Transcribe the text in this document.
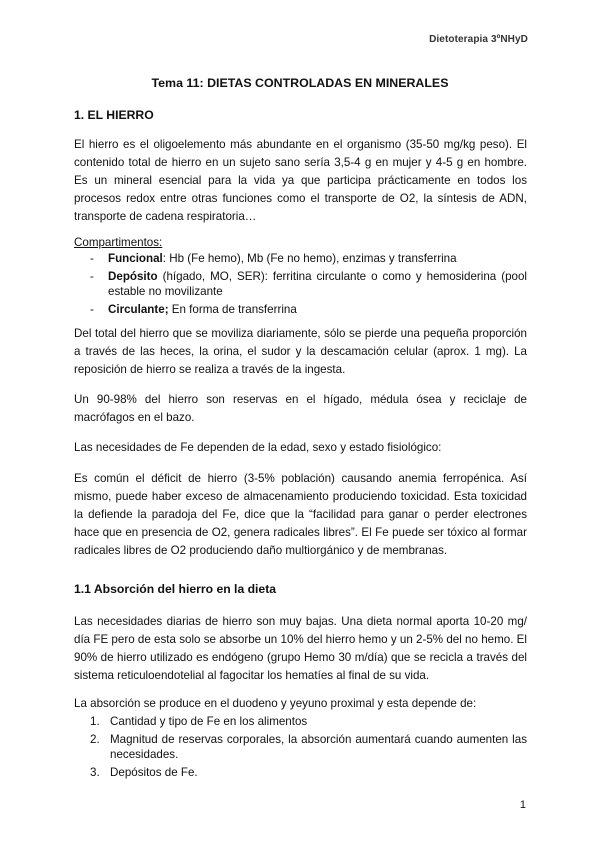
Dietoterapia 3ºNHyD
Tema 11: DIETAS CONTROLADAS EN MINERALES
1. EL HIERRO
El hierro es el oligoelemento más abundante en el organismo (35-50 mg/kg peso). El contenido total de hierro en un sujeto sano sería 3,5-4 g en mujer y 4-5 g en hombre. Es un mineral esencial para la vida ya que participa prácticamente en todos los procesos redox entre otras funciones como el transporte de O2, la síntesis de ADN, transporte de cadena respiratoria…
Compartimentos:
- Funcional: Hb (Fe hemo), Mb (Fe no hemo), enzimas y transferrina
- Depósito (hígado, MO, SER): ferritina circulante o como y hemosiderina (pool estable no movilizante
- Circulante; En forma de transferrina
Del total del hierro que se moviliza diariamente, sólo se pierde una pequeña proporción a través de las heces, la orina, el sudor y la descamación celular (aprox. 1 mg). La reposición de hierro se realiza a través de la ingesta.
Un 90-98% del hierro son reservas en el hígado, médula ósea y reciclaje de macrófagos en el bazo.
Las necesidades de Fe dependen de la edad, sexo y estado fisiológico:
Es común el déficit de hierro (3-5% población) causando anemia ferropénica. Así mismo, puede haber exceso de almacenamiento produciendo toxicidad. Esta toxicidad la defiende la paradoja del Fe, dice que la “facilidad para ganar o perder electrones hace que en presencia de O2, genera radicales libres”. El Fe puede ser tóxico al formar radicales libres de O2 produciendo daño multiorgánico y de membranas.
1.1 Absorción del hierro en la dieta
Las necesidades diarias de hierro son muy bajas. Una dieta normal aporta 10-20 mg/ día FE pero de esta solo se absorbe un 10% del hierro hemo y un 2-5% del no hemo. El 90% de hierro utilizado es endógeno (grupo Hemo 30 m/día) que se recicla a través del sistema reticuloendotelial al fagocitar los hematíes al final de su vida.
La absorción se produce en el duodeno y yeyuno proximal y esta depende de:
1. Cantidad y tipo de Fe en los alimentos
2. Magnitud de reservas corporales, la absorción aumentará cuando aumenten las necesidades.
3. Depósitos de Fe.
1
